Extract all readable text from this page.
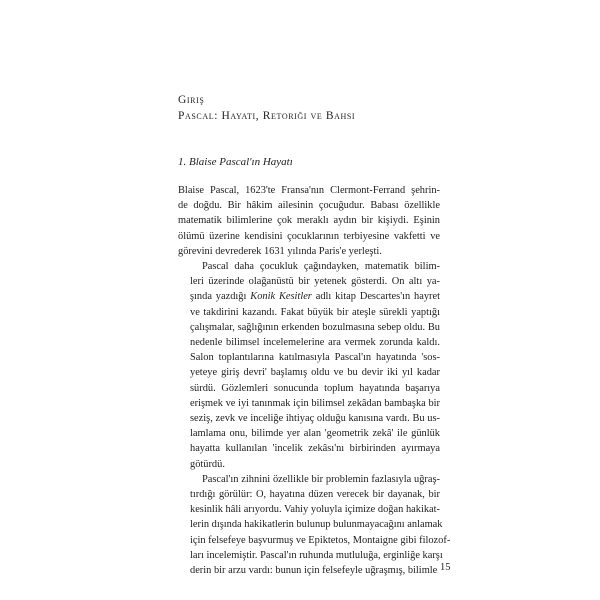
Giriş
Pascal: Hayatı, Retoriği ve Bahsi
1. Blaise Pascal'ın Hayatı
Blaise Pascal, 1623'te Fransa'nın Clermont-Ferrand şehrin-
de doğdu. Bir hâkim ailesinin çocuğudur. Babası özellikle
matematik bilimlerine çok meraklı aydın bir kişiydi. Eşinin
ölümü üzerine kendisini çocuklarının terbiyesine vakfetti ve
görevini devrederek 1631 yılında Paris'e yerleşti.
Pascal daha çocukluk çağındayken, matematik bilim-
leri üzerinde olağanüstü bir yetenek gösterdi. On altı ya-
şında yazdığı Konik Kesitler adlı kitap Descartes'ın hayret
ve takdirini kazandı. Fakat büyük bir ateşle sürekli yaptığı
çalışmalar, sağlığının erkenden bozulmasına sebep oldu. Bu
nedenle bilimsel incelemelerine ara vermek zorunda kaldı.
Salon toplantılarına katılmasıyla Pascal'ın hayatında 'sos-
yeteye giriş devri' başlamış oldu ve bu devir iki yıl kadar
sürdü. Gözlemleri sonucunda toplum hayatında başarıya
erişmek ve iyi tanınmak için bilimsel zekâdan bambaşka bir
seziş, zevk ve inceliğe ihtiyaç olduğu kanısına vardı. Bu us-
lamlama onu, bilimde yer alan 'geometrik zekâ' ile günlük
hayatta kullanılan 'incelik zekâsı'nı birbirinden ayırmaya
götürdü.
Pascal'ın zihnini özellikle bir problemin fazlasıyla uğraş-
tırdığı görülür: O, hayatına düzen verecek bir dayanak, bir
kesinlik hâli arıyordu. Vahiy yoluyla içimize doğan hakikat-
lerin dışında hakikatlerin bulunup bulunmayacağını anlamak
için felsefeye başvurmuş ve Epiktetos, Montaigne gibi filozof-
ları incelemiştir. Pascal'ın ruhunda mutluluğa, erginliğe karşı
derin bir arzu vardı: bunun için felsefeyle uğraşmış, bilimle 15
